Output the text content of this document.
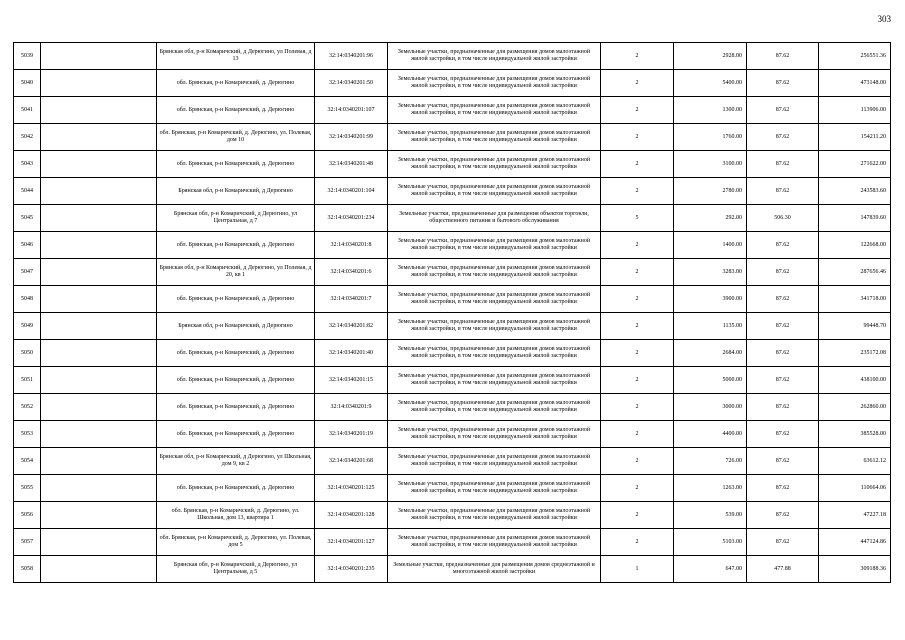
303
5039		Брянская обл, р-н Комаричский, д Дерюгино, ул Полевая, д 13	32:14:0340201:96	Земельные участки, предназначенные для размещения домов малоэтажной жилой застройки, в том числе индивидуальной жилой застройки	2	2928.00	87.62	256551.36
5040		обл. Брянская, р-н Комаричский, д. Дерюгино	32:14:0340201:50	Земельные участки, предназначенные для размещения домов малоэтажной жилой застройки, в том числе индивидуальной жилой застройки	2	5400.00	87.62	473148.00
5041		обл. Брянская, р-н Комаричский, д. Дерюгино	32:14:0340201:107	Земельные участки, предназначенные для размещения домов малоэтажной жилой застройки, в том числе индивидуальной жилой застройки	2	1300.00	87.62	113906.00
5042		обл. Брянская, р-н Комаричский, д. Дерюгино, ул. Полевая, дом 10	32:14:0340201:99	Земельные участки, предназначенные для размещения домов малоэтажной жилой застройки, в том числе индивидуальной жилой застройки	2	1760.00	87.62	154211.20
5043		обл. Брянская, р-н Комаричский, д. Дерюгино	32:14:0340201:48	Земельные участки, предназначенные для размещения домов малоэтажной жилой застройки, в том числе индивидуальной жилой застройки	2	3100.00	87.62	271622.00
5044		Брянская обл, р-н Комаричский, д Дерюгино	32:14:0340201:104	Земельные участки, предназначенные для размещения домов малоэтажной жилой застройки, в том числе индивидуальной жилой застройки	2	2780.00	87.62	243583.60
5045		Брянская обл, р-н Комаричский, д Дерюгино, ул Центральная, д 7	32:14:0340201:234	Земельные участки, предназначенные для размещения объектов торговли, общественного питания и бытового обслуживания	5	292.00	506.30	147839.60
5046		обл. Брянская, р-н Комаричский, д. Дерюгино	32:14:0340201:8	Земельные участки, предназначенные для размещения домов малоэтажной жилой застройки, в том числе индивидуальной жилой застройки	2	1400.00	87.62	122668.00
5047		Брянская обл, р-н Комаричский, д Дерюгино, ул Полевая, д 20, кв 1	32:14:0340201:6	Земельные участки, предназначенные для размещения домов малоэтажной жилой застройки, в том числе индивидуальной жилой застройки	2	3283.00	87.62	287656.46
5048		обл. Брянская, р-н Комаричский, д. Дерюгино	32:14:0340201:7	Земельные участки, предназначенные для размещения домов малоэтажной жилой застройки, в том числе индивидуальной жилой застройки	2	3900.00	87.62	341718.00
5049		Брянская обл, р-н Комаричский, д Дерюгино	32:14:0340201:82	Земельные участки, предназначенные для размещения домов малоэтажной жилой застройки, в том числе индивидуальной жилой застройки	2	1135.00	87.62	99448.70
5050		обл. Брянская, р-н Комаричский, д. Дерюгино	32:14:0340201:40	Земельные участки, предназначенные для размещения домов малоэтажной жилой застройки, в том числе индивидуальной жилой застройки	2	2684.00	87.62	235172.08
5051		обл. Брянская, р-н Комаричский, д. Дерюгино	32:14:0340201:15	Земельные участки, предназначенные для размещения домов малоэтажной жилой застройки, в том числе индивидуальной жилой застройки	2	5000.00	87.62	438100.00
5052		обл. Брянская, р-н Комаричский, д. Дерюгино	32:14:0340201:9	Земельные участки, предназначенные для размещения домов малоэтажной жилой застройки, в том числе индивидуальной жилой застройки	2	3000.00	87.62	262860.00
5053		обл. Брянская, р-н Комаричский, д. Дерюгино	32:14:0340201:19	Земельные участки, предназначенные для размещения домов малоэтажной жилой застройки, в том числе индивидуальной жилой застройки	2	4400.00	87.62	385528.00
5054		Брянская обл, р-н Комаричский, д Дерюгино, ул Школьная, дом 9, кв 2	32:14:0340201:68	Земельные участки, предназначенные для размещения домов малоэтажной жилой застройки, в том числе индивидуальной жилой застройки	2	726.00	87.62	63612.12
5055		обл. Брянская, р-н Комаричский, д. Дерюгино	32:14:0340201:125	Земельные участки, предназначенные для размещения домов малоэтажной жилой застройки, в том числе индивидуальной жилой застройки	2	1263.00	87.62	110664.06
5056		обл. Брянская, р-н Комаричский, д. Дерюгино, ул. Школьная, дом 13, квартира 1	32:14:0340201:128	Земельные участки, предназначенные для размещения домов малоэтажной жилой застройки, в том числе индивидуальной жилой застройки	2	539.00	87.62	47227.18
5057		обл. Брянская, р-н Комаричский, д. Дерюгино, ул. Полевая, дом 5	32:14:0340201:127	Земельные участки, предназначенные для размещения домов малоэтажной жилой застройки, в том числе индивидуальной жилой застройки	2	5103.00	87.62	447124.86
5058		Брянская обл, р-н Комаричский, д Дерюгино, ул Центральная, д 5	32:14:0340201:235	Земельные участки, предназначенные для размещения домов среднеэтажной и многоэтажной жилой застройки	1	647.00	477.88	309188.36
